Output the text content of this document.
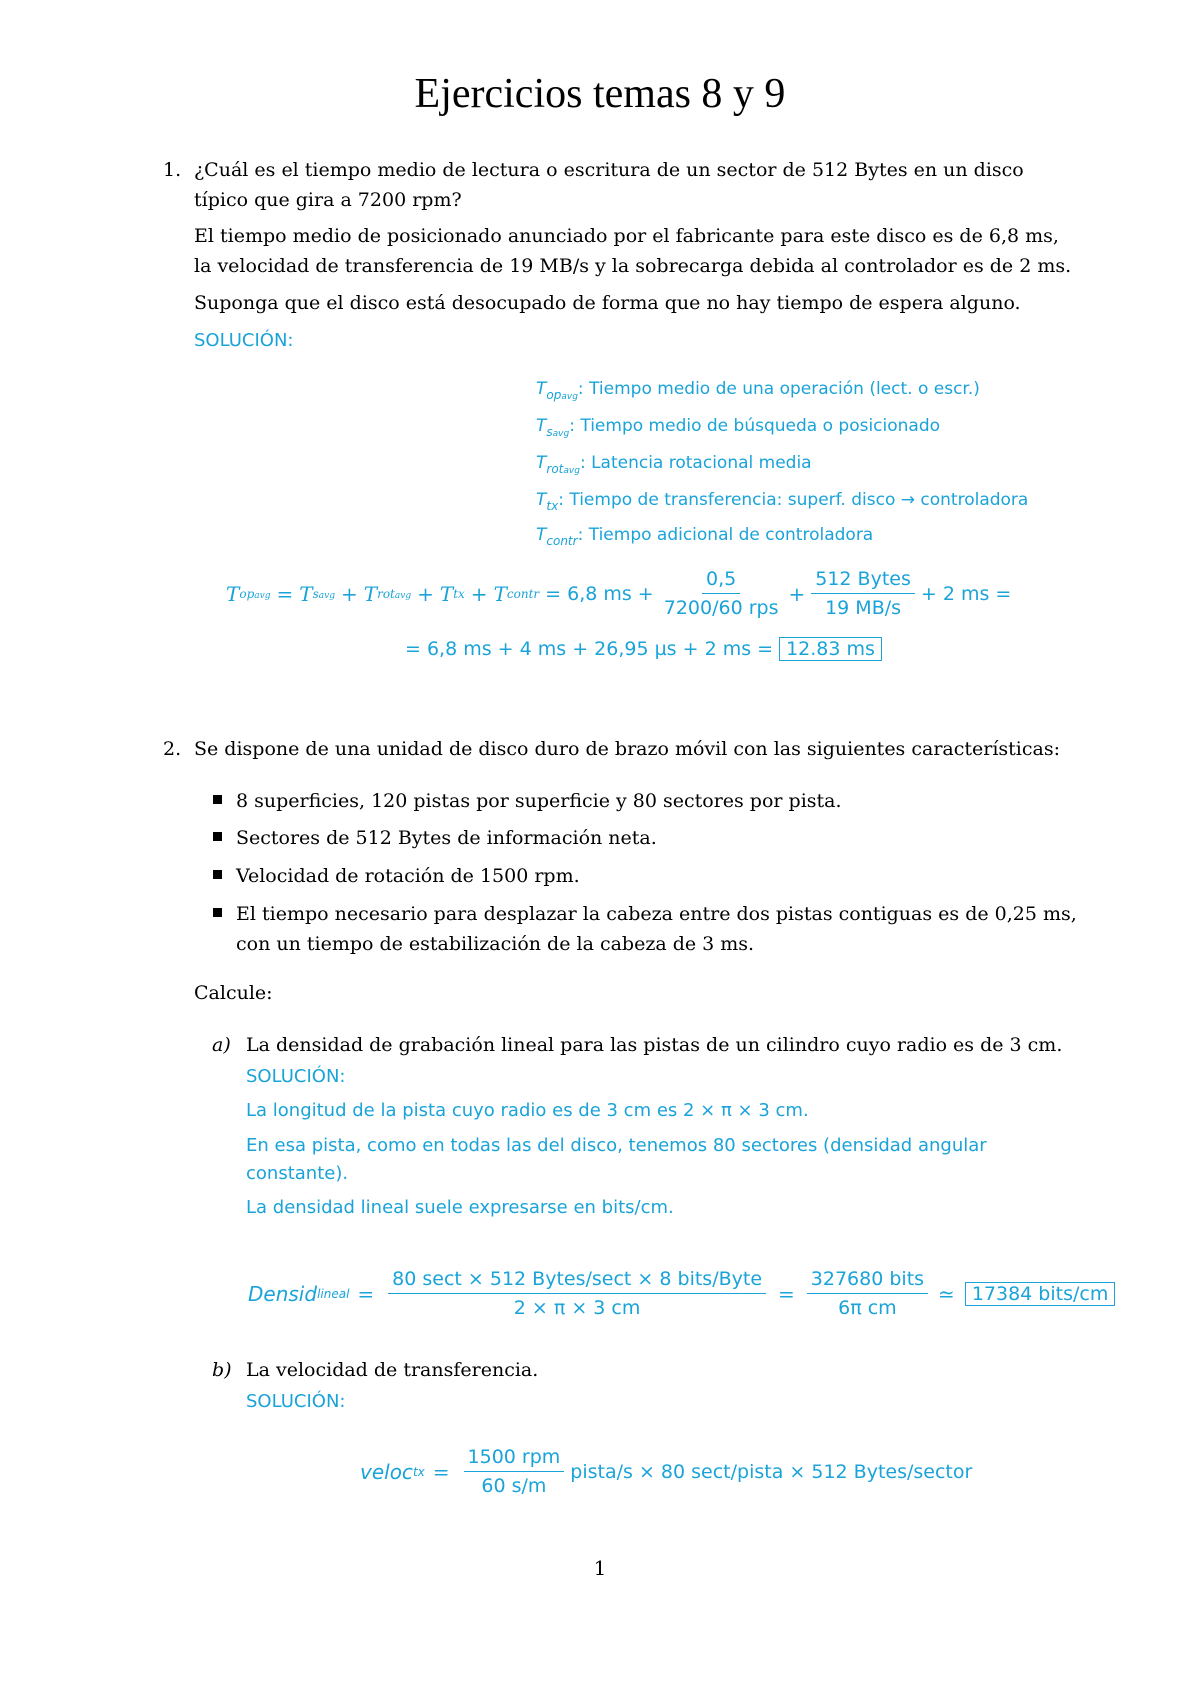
Ejercicios temas 8 y 9
1. ¿Cuál es el tiempo medio de lectura o escritura de un sector de 512 Bytes en un disco
típico que gira a 7200 rpm?
El tiempo medio de posicionado anunciado por el fabricante para este disco es de 6,8 ms,
la velocidad de transferencia de 19 MB/s y la sobrecarga debida al controlador es de 2 ms.
Suponga que el disco está desocupado de forma que no hay tiempo de espera alguno.
SOLUCIÓN:
$T_{opavg}$: Tiempo medio de una operación (lect. o escr.)
$T_{savg}$: Tiempo medio de búsqueda o posicionado
$T_{rotavg}$: Latencia rotacional media
$T_{tx}$: Tiempo de transferencia: superf. disco → controladora
$T_{contr}$: Tiempo adicional de controladora
T opavg = T savg + T rotavg + T tx + T contr = 6,8 ms + $\frac{0,5}{\text{7200/60 rps}} + \frac{\text{512 Bytes}}{19 MB/s} + 2$ ms =
= 6,8 ms + 4 ms + 26,95 µs + 2 ms = 12.83 ms
2. Se dispone de una unidad de disco duro de brazo móvil con las siguientes características:
8 superficies, 120 pistas por superficie y 80 sectores por pista.
Sectores de 512 Bytes de información neta.
Velocidad de rotación de 1500 rpm.
El tiempo necesario para desplazar la cabeza entre dos pistas contiguas es de 0,25 ms,
con un tiempo de estabilización de la cabeza de 3 ms.
Calcule:
a) La densidad de grabación lineal para las pistas de un cilindro cuyo radio es de 3 cm.
SOLUCIÓN:
La longitud de la pista cuyo radio es de 3 cm es 2 × π × 3 cm.
En esa pista, como en todas las del disco, tenemos 80 sectores (densidad angular
constante).
La densidad lineal suele expresarse en bits/cm.
Densid lineal = $\frac{\text{80 sect × 512 Bytes/sect × 8 bits/Byte}}{2 \times \pi \times 3 cm} = \frac{\text{327680 bits}}{\text{6π cm}}$ ≃ 17384 bits/cm
b) La velocidad de transferencia.
SOLUCIÓN:
veloc tx = $\frac{\text{1500 rpm}}{60 s/m}$ pista/s × 80 sect/pista × 512 Bytes/sector
1
